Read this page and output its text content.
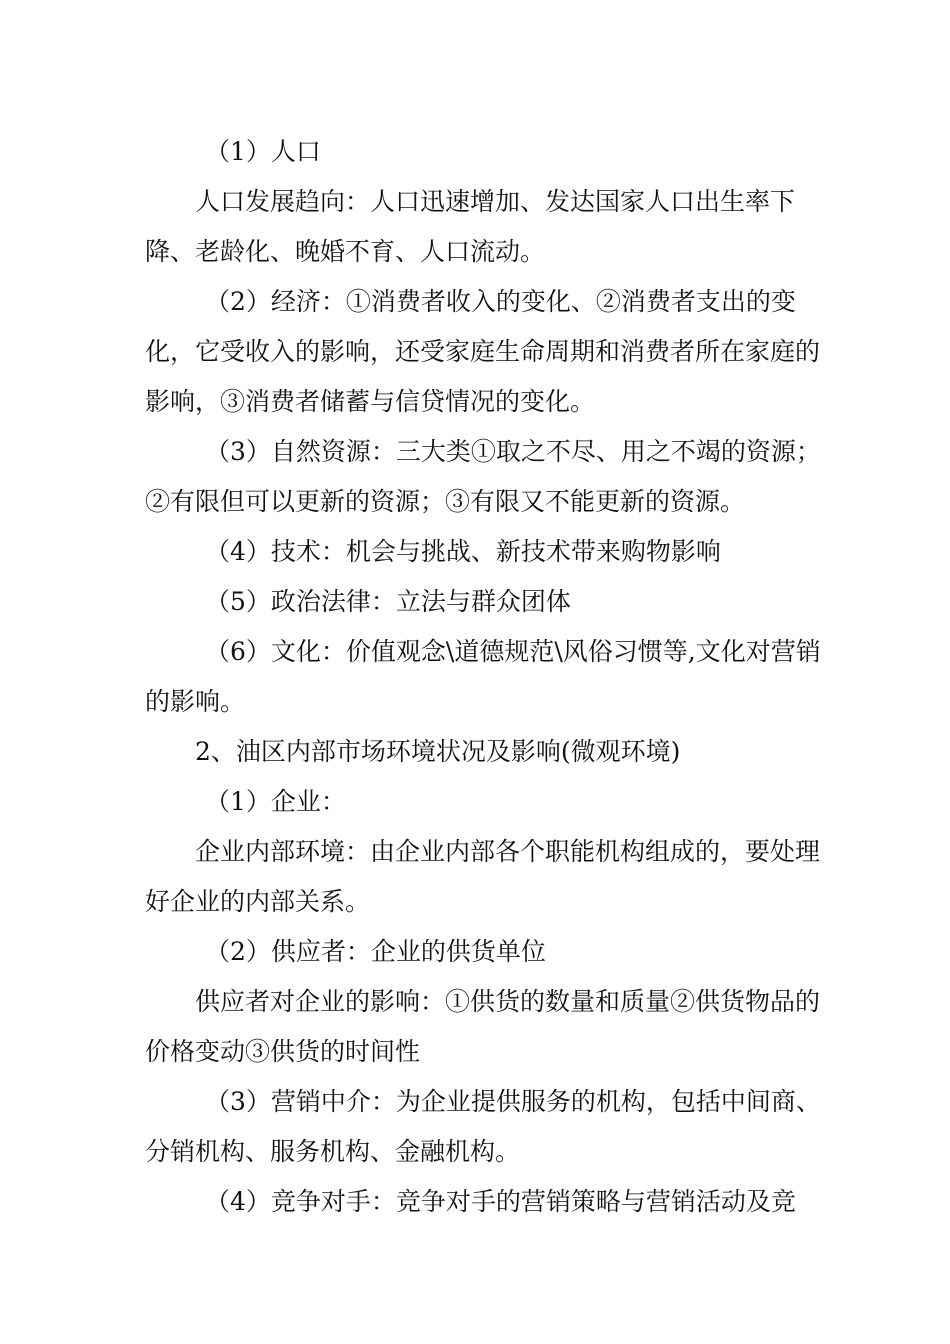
（1）人口

人口发展趋向：人口迅速增加、发达国家人口出生率下降、老龄化、晚婚不育、人口流动。

（2）经济：①消费者收入的变化、②消费者支出的变化，它受收入的影响，还受家庭生命周期和消费者所在家庭的影响，③消费者储蓄与信贷情况的变化。

（3）自然资源：三大类①取之不尽、用之不竭的资源；②有限但可以更新的资源；③有限又不能更新的资源。

（4）技术：机会与挑战、新技术带来购物影响

（5）政治法律：立法与群众团体

（6）文化：价值观念\道德规范\风俗习惯等,文化对营销的影响。

2、油区内部市场环境状况及影响(微观环境)

（1）企业：

企业内部环境：由企业内部各个职能机构组成的，要处理好企业的内部关系。

（2）供应者：企业的供货单位

供应者对企业的影响：①供货的数量和质量②供货物品的价格变动③供货的时间性

（3）营销中介：为企业提供服务的机构，包括中间商、分销机构、服务机构、金融机构。

（4）竞争对手：竞争对手的营销策略与营销活动及竞
